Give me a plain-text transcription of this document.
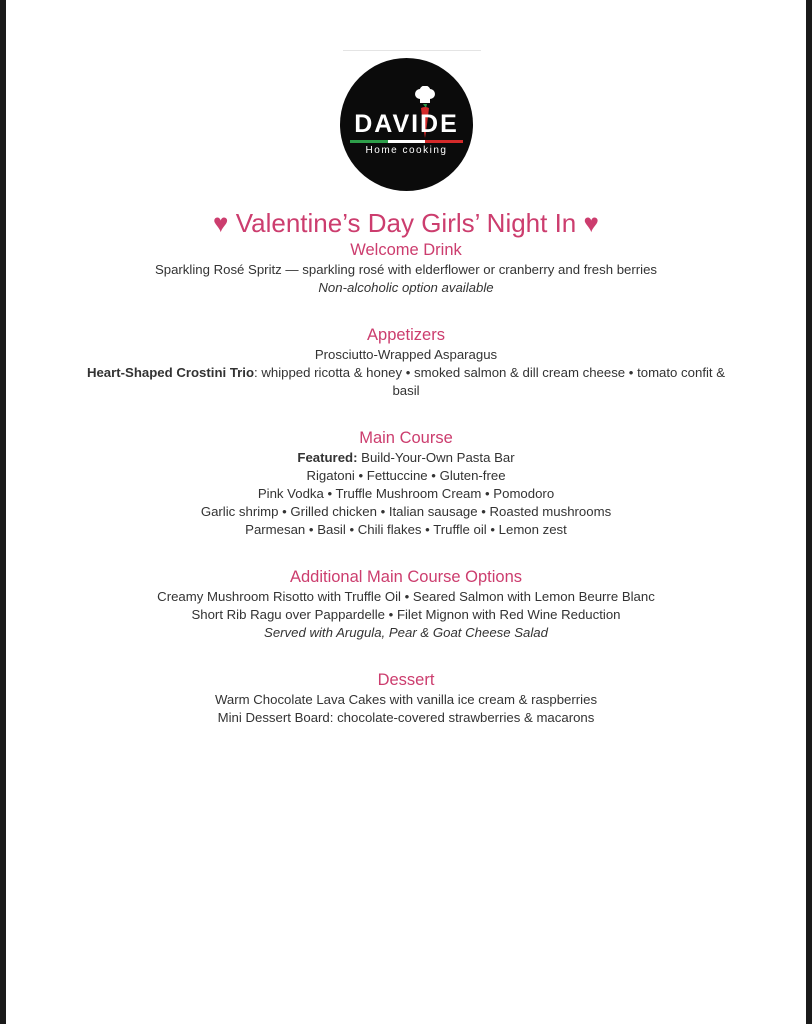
DAVIDE
Home cooking

♥ Valentine’s Day Girls’ Night In ♥

Welcome Drink

Sparkling Rosé Spritz — sparkling rosé with elderflower or cranberry and fresh berries

Non-alcoholic option available

Appetizers

Prosciutto-Wrapped Asparagus

Heart-Shaped Crostini Trio: whipped ricotta & honey • smoked salmon & dill cream cheese • tomato confit &

basil

Main Course

Featured: Build-Your-Own Pasta Bar

Rigatoni • Fettuccine • Gluten-free

Pink Vodka • Truffle Mushroom Cream • Pomodoro

Garlic shrimp • Grilled chicken • Italian sausage • Roasted mushrooms

Parmesan • Basil • Chili flakes • Truffle oil • Lemon zest

Additional Main Course Options

Creamy Mushroom Risotto with Truffle Oil • Seared Salmon with Lemon Beurre Blanc

Short Rib Ragu over Pappardelle • Filet Mignon with Red Wine Reduction

Served with Arugula, Pear & Goat Cheese Salad

Dessert

Warm Chocolate Lava Cakes with vanilla ice cream & raspberries

Mini Dessert Board: chocolate-covered strawberries & macarons
